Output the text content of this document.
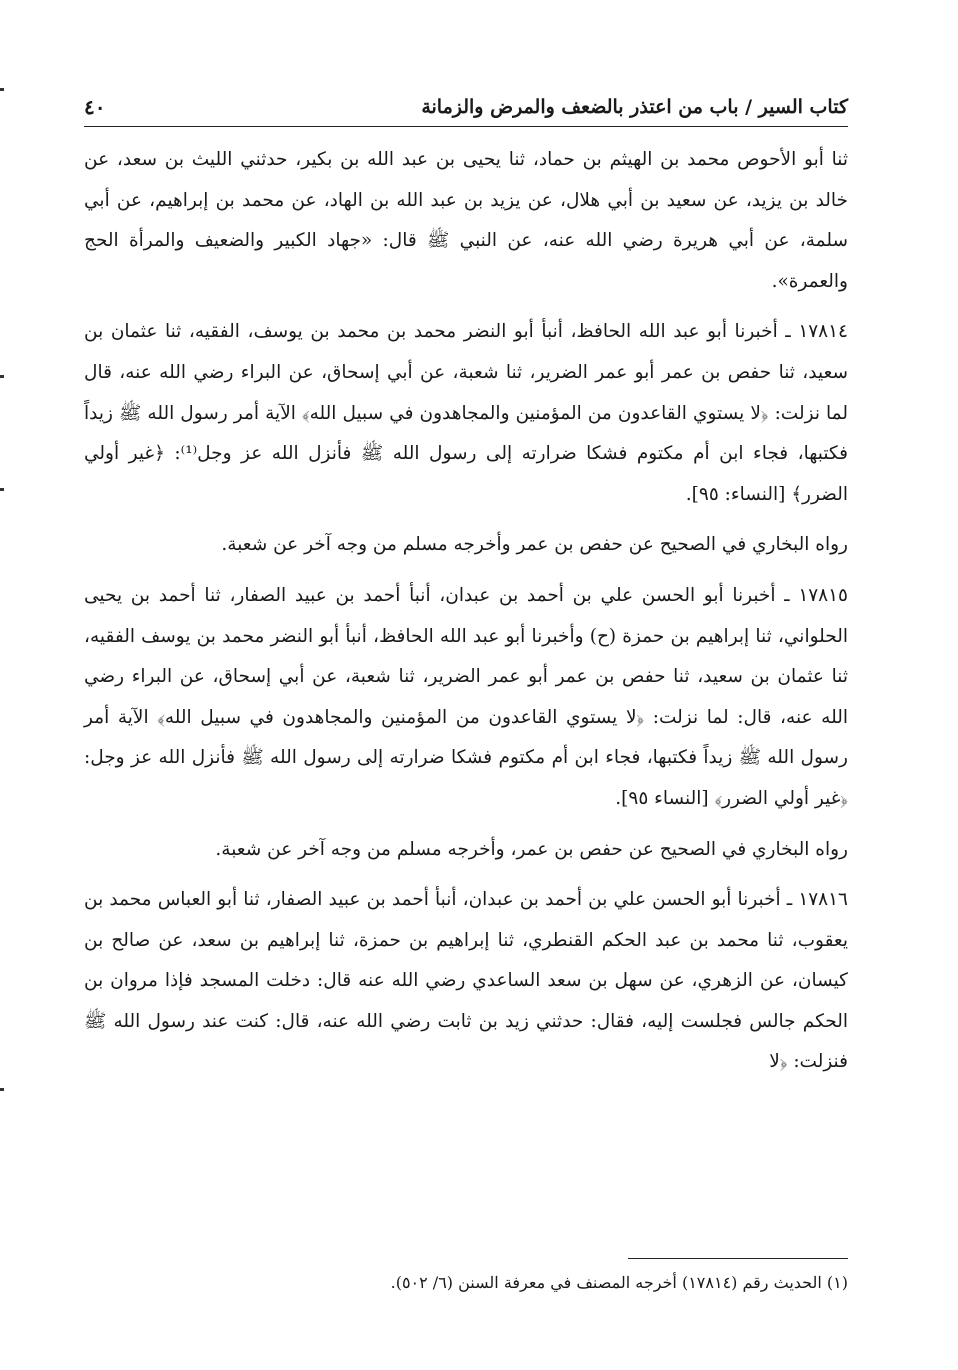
كتاب السير / باب من اعتذر بالضعف والمرض والزمانة
٤٠

ثنا أبو الأحوص محمد بن الهيثم بن حماد، ثنا يحيى بن عبد الله بن بكير، حدثني الليث بن سعد، عن خالد بن يزيد، عن سعيد بن أبي هلال، عن يزيد بن عبد الله بن الهاد، عن محمد بن إبراهيم، عن أبي سلمة، عن أبي هريرة رضي الله عنه، عن النبي ﷺ قال: «جهاد الكبير والضعيف والمرأة الحج والعمرة».

١٧٨١٤ ـ أخبرنا أبو عبد الله الحافظ، أنبأ أبو النضر محمد بن محمد بن يوسف، الفقيه، ثنا عثمان بن سعيد، ثنا حفص بن عمر أبو عمر الضرير، ثنا شعبة، عن أبي إسحاق، عن البراء رضي الله عنه، قال لما نزلت: ﴿لا يستوي القاعدون من المؤمنين والمجاهدون في سبيل الله﴾ الآية أمر رسول الله ﷺ زيداً فكتبها، فجاء ابن أم مكتوم فشكا ضرارته إلى رسول الله ﷺ فأنزل الله عز وجل⁽¹⁾: ﴿غير أولي الضرر﴾ [النساء: ٩٥].

رواه البخاري في الصحيح عن حفص بن عمر وأخرجه مسلم من وجه آخر عن شعبة.

١٧٨١٥ ـ أخبرنا أبو الحسن علي بن أحمد بن عبدان، أنبأ أحمد بن عبيد الصفار، ثنا أحمد بن يحيى الحلواني، ثنا إبراهيم بن حمزة (ح) وأخبرنا أبو عبد الله الحافظ، أنبأ أبو النضر محمد بن يوسف الفقيه، ثنا عثمان بن سعيد، ثنا حفص بن عمر أبو عمر الضرير، ثنا شعبة، عن أبي إسحاق، عن البراء رضي الله عنه، قال: لما نزلت: ﴿لا يستوي القاعدون من المؤمنين والمجاهدون في سبيل الله﴾ الآية أمر رسول الله ﷺ زيداً فكتبها، فجاء ابن أم مكتوم فشكا ضرارته إلى رسول الله ﷺ فأنزل الله عز وجل: ﴿غير أولي الضرر﴾ [النساء ٩٥].

رواه البخاري في الصحيح عن حفص بن عمر، وأخرجه مسلم من وجه آخر عن شعبة.

١٧٨١٦ ـ أخبرنا أبو الحسن علي بن أحمد بن عبدان، أنبأ أحمد بن عبيد الصفار، ثنا أبو العباس محمد بن يعقوب، ثنا محمد بن عبد الحكم القنطري، ثنا إبراهيم بن حمزة، ثنا إبراهيم بن سعد، عن صالح بن كيسان، عن الزهري، عن سهل بن سعد الساعدي رضي الله عنه قال: دخلت المسجد فإذا مروان بن الحكم جالس فجلست إليه، فقال: حدثني زيد بن ثابت رضي الله عنه، قال: كنت عند رسول الله ﷺ فنزلت: ﴿لا

(١) الحديث رقم (١٧٨١٤) أخرجه المصنف في معرفة السنن (٦/ ٥٠٢).
